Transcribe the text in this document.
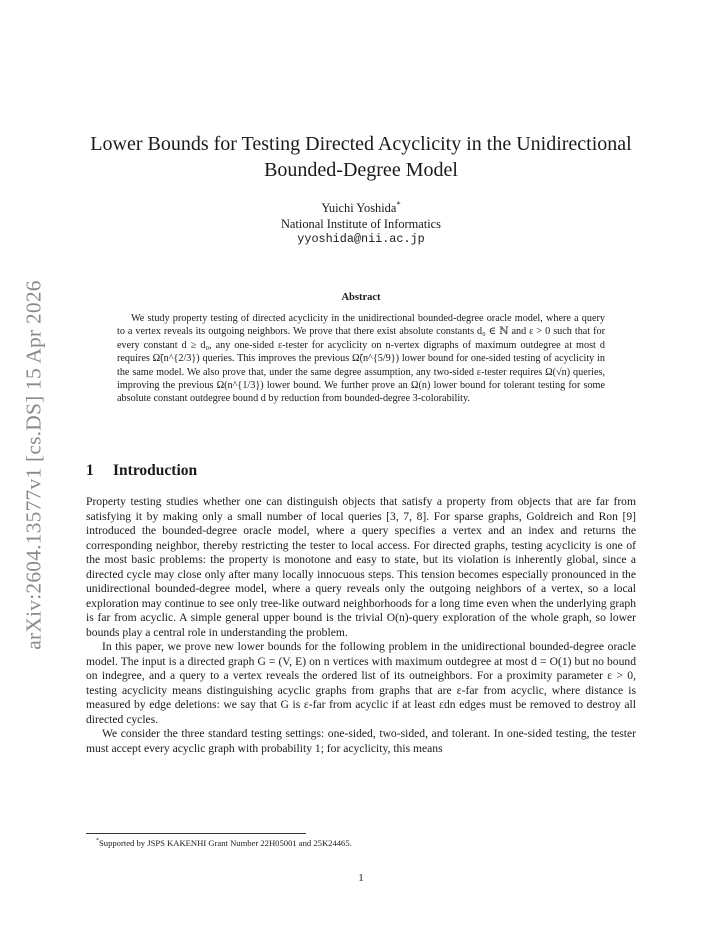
arXiv:2604.13577v1 [cs.DS] 15 Apr 2026
Lower Bounds for Testing Directed Acyclicity in the Unidirectional
Bounded-Degree Model
Yuichi Yoshida*
National Institute of Informatics
yyoshida@nii.ac.jp
Abstract

We study property testing of directed acyclicity in the unidirectional bounded-degree oracle model, where a query to a vertex reveals its outgoing neighbors. We prove that there exist absolute constants d₀ ∈ ℕ and ε > 0 such that for every constant d ≥ d₀, any one-sided ε-tester for acyclicity on n-vertex digraphs of maximum outdegree at most d requires Ω̃(n^{2/3}) queries. This improves the previous Ω̃(n^{5/9}) lower bound for one-sided testing of acyclicity in the same model. We also prove that, under the same degree assumption, any two-sided ε-tester requires Ω(√n) queries, improving the previous Ω(n^{1/3}) lower bound. We further prove an Ω(n) lower bound for tolerant testing for some absolute constant outdegree bound d by reduction from bounded-degree 3-colorability.

1 Introduction

Property testing studies whether one can distinguish objects that satisfy a property from objects that are far from satisfying it by making only a small number of local queries [3, 7, 8]. For sparse graphs, Goldreich and Ron [9] introduced the bounded-degree oracle model, where a query specifies a vertex and an index and returns the corresponding neighbor, thereby restricting the tester to local access. For directed graphs, testing acyclicity is one of the most basic problems: the property is monotone and easy to state, but its violation is inherently global, since a directed cycle may close only after many locally innocuous steps. This tension becomes especially pronounced in the unidirectional bounded-degree model, where a query reveals only the outgoing neighbors of a vertex, so a local exploration may continue to see only tree-like outward neighborhoods for a long time even when the underlying graph is far from acyclic. A simple general upper bound is the trivial O(n)-query exploration of the whole graph, so lower bounds play a central role in understanding the problem.

In this paper, we prove new lower bounds for the following problem in the unidirectional bounded-degree oracle model. The input is a directed graph G = (V, E) on n vertices with maximum outdegree at most d = O(1) but no bound on indegree, and a query to a vertex reveals the ordered list of its outneighbors. For a proximity parameter ε > 0, testing acyclicity means distinguishing acyclic graphs from graphs that are ε-far from acyclic, where distance is measured by edge deletions: we say that G is ε-far from acyclic if at least εdn edges must be removed to destroy all directed cycles.

We consider the three standard testing settings: one-sided, two-sided, and tolerant. In one-sided testing, the tester must accept every acyclic graph with probability 1; for acyclicity, this means

*Supported by JSPS KAKENHI Grant Number 22H05001 and 25K24465.
1
